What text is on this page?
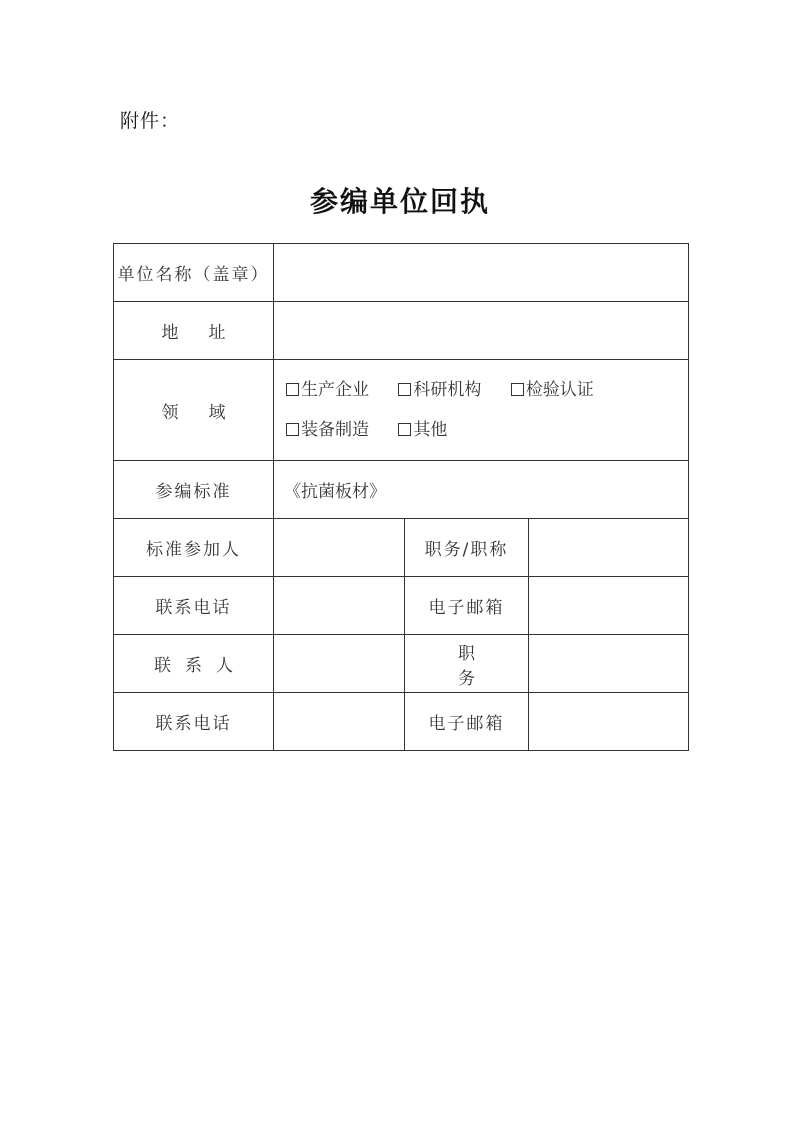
附件：
参编单位回执
单位名称（盖章）			
地址			
领域	生产企业 科研机构 检验认证
装备制造 其他		
参编标准	《抗菌板材》		
标准参加人		职务/职称	
联系电话		电子邮箱	
联系人		职务	
联系电话		电子邮箱	
